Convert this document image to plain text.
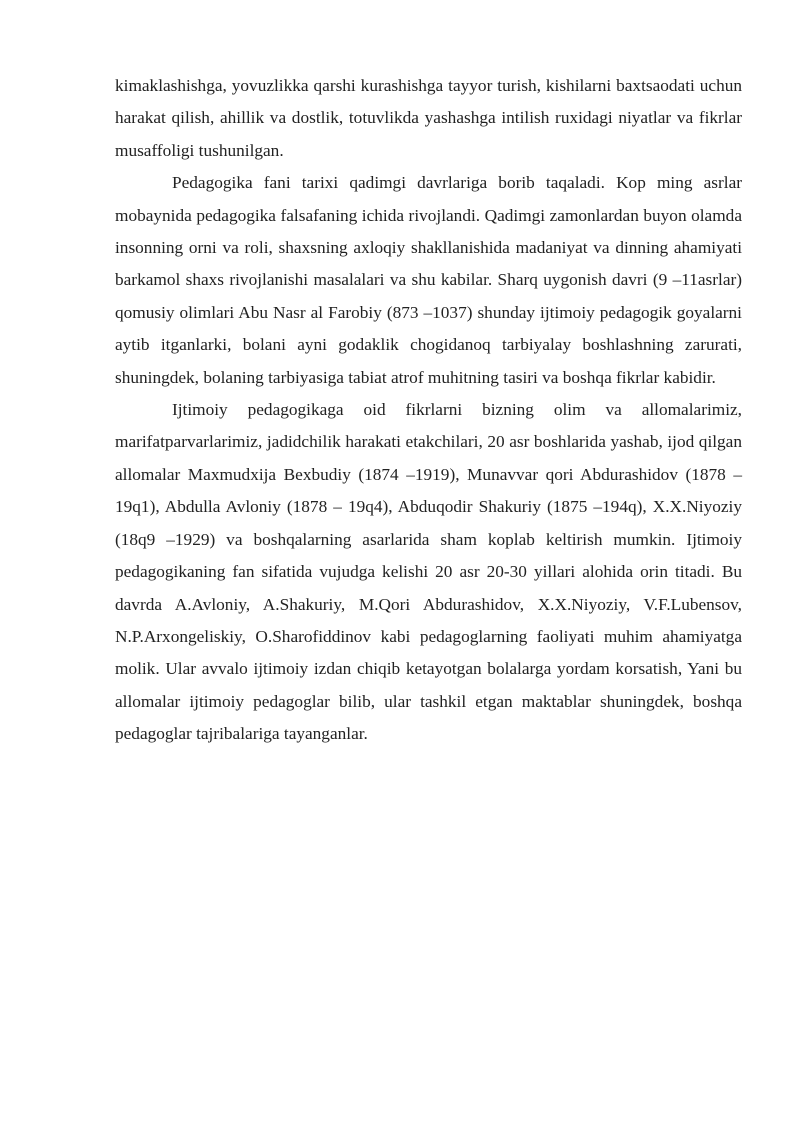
kimaklashishga, yovuzlikka qarshi kurashishga tayyor turish, kishilarni baxtsaodati uchun harakat qilish, ahillik va dostlik, totuvlikda yashashga intilish ruxidagi niyatlar va fikrlar musaffoligi tushunilgan.

Pedagogika fani tarixi qadimgi davrlariga borib taqaladi. Kop ming asrlar mobaynida pedagogika falsafaning ichida rivojlandi. Qadimgi zamonlardan buyon olamda insonning orni va roli, shaxsning axloqiy shakllanishida madaniyat va dinning ahamiyati barkamol shaxs rivojlanishi masalalari va shu kabilar. Sharq uygonish davri (9 –11asrlar) qomusiy olimlari Abu Nasr al Farobiy (873 –1037) shunday ijtimoiy pedagogik goyalarni aytib itganlarki, bolani ayni godaklik chogidanoq tarbiyalay boshlashning zarurati, shuningdek, bolaning tarbiyasiga tabiat atrof muhitning tasiri va boshqa fikrlar kabidir.

Ijtimoiy pedagogikaga oid fikrlarni bizning olim va allomalarimiz, marifatparvarlarimiz, jadidchilik harakati etakchilari, 20 asr boshlarida yashab, ijod qilgan allomalar Maxmudxija Bexbudiy (1874 –1919), Munavvar qori Abdurashidov (1878 –19q1), Abdulla Avloniy (1878 – 19q4), Abduqodir Shakuriy (1875 –194q), X.X.Niyoziy (18q9 –1929) va boshqalarning asarlarida sham koplab keltirish mumkin. Ijtimoiy pedagogikaning fan sifatida vujudga kelishi 20 asr 20-30 yillari alohida orin titadi. Bu davrda A.Avloniy, A.Shakuriy, M.Qori Abdurashidov, X.X.Niyoziy, V.F.Lubensov, N.P.Arxongeliskiy, O.Sharofiddinov kabi pedagoglarning faoliyati muhim ahamiyatga molik. Ular avvalo ijtimoiy izdan chiqib ketayotgan bolalarga yordam korsatish, Yani bu allomalar ijtimoiy pedagoglar bilib, ular tashkil etgan maktablar shuningdek, boshqa pedagoglar tajribalariga tayanganlar.
